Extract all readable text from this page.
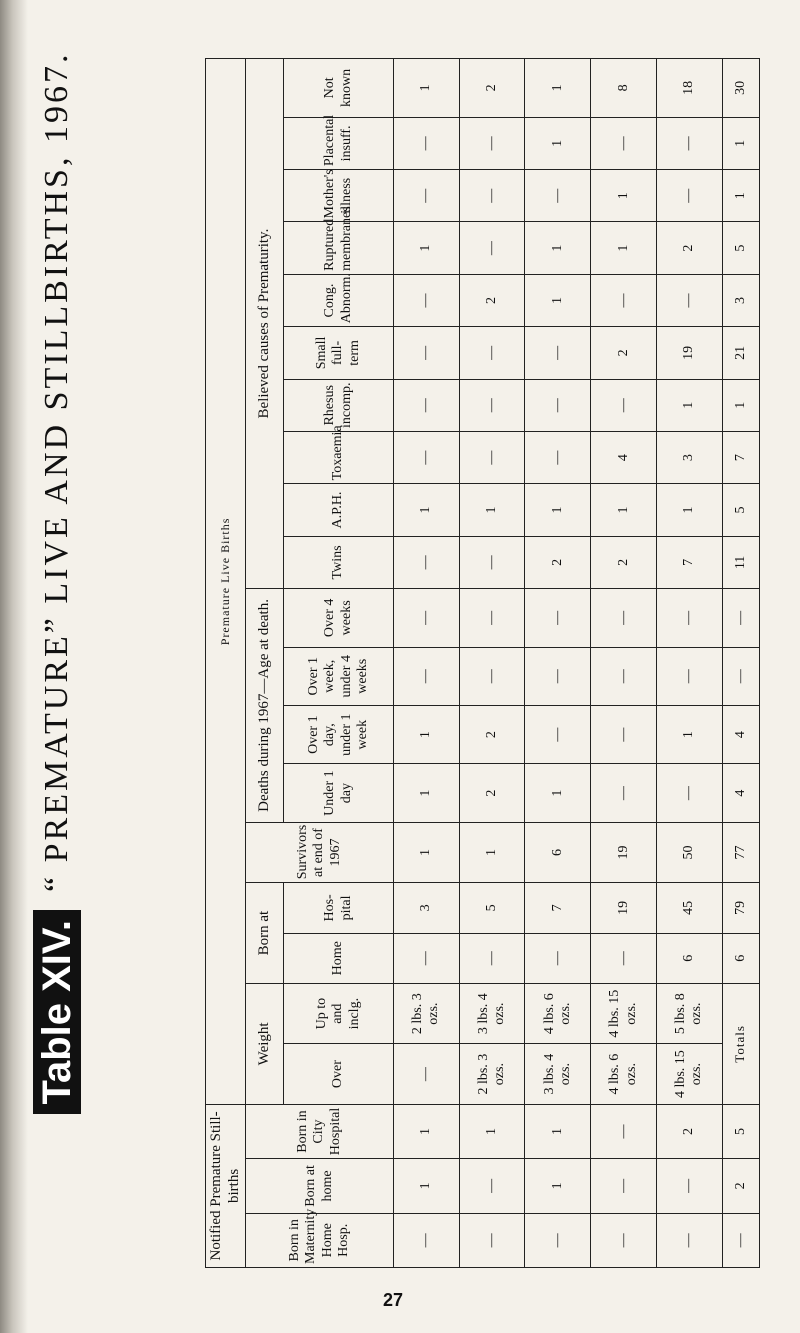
Table XIV.
“ PREMATURE” LIVE AND STILLBIRTHS, 1967.
Notified Premature Still-births			Premature Live Births																		
Born in Maternity Home Hosp.	Born at home	Born in City Hospital	Weight		Born at		Survivors at end of 1967	Deaths during 1967—Age at death.				Believed causes of Prematurity.									
			Over	Up to and inclg.	Home	Hos- pital		Under 1 day	Over 1 day, under 1 week	Over 1 week, under 4 weeks	Over 4 weeks	Twins	A.P.H.	Toxaemia	Rhesus incomp.	Small full-term	Cong. Abnorm.	Ruptured membranes	Mother's illness	Placental insuff.	Not known
—	1	1	—	2 lbs. 3 ozs.	—	3	1	1	1	—	—	—	1	—	—	—	—	1	—	—	1
—	—	1	2 lbs. 3 ozs.	3 lbs. 4 ozs.	—	5	1	2	2	—	—	—	1	—	—	—	2	—	—	—	2
—	1	1	3 lbs. 4 ozs.	4 lbs. 6 ozs.	—	7	6	1	—	—	—	2	1	—	—	—	1	1	—	1	1
—	—	—	4 lbs. 6 ozs.	4 lbs. 15 ozs.	—	19	19	—	—	—	—	2	1	4	—	2	—	1	1	—	8
—	—	2	4 lbs. 15 ozs.	5 lbs. 8 ozs.	6	45	50	—	1	—	—	7	1	3	1	19	—	2	—	—	18
—	2	5	Totals		6	79	77	4	4	—	—	11	5	7	1	21	3	5	1	1	30
27
